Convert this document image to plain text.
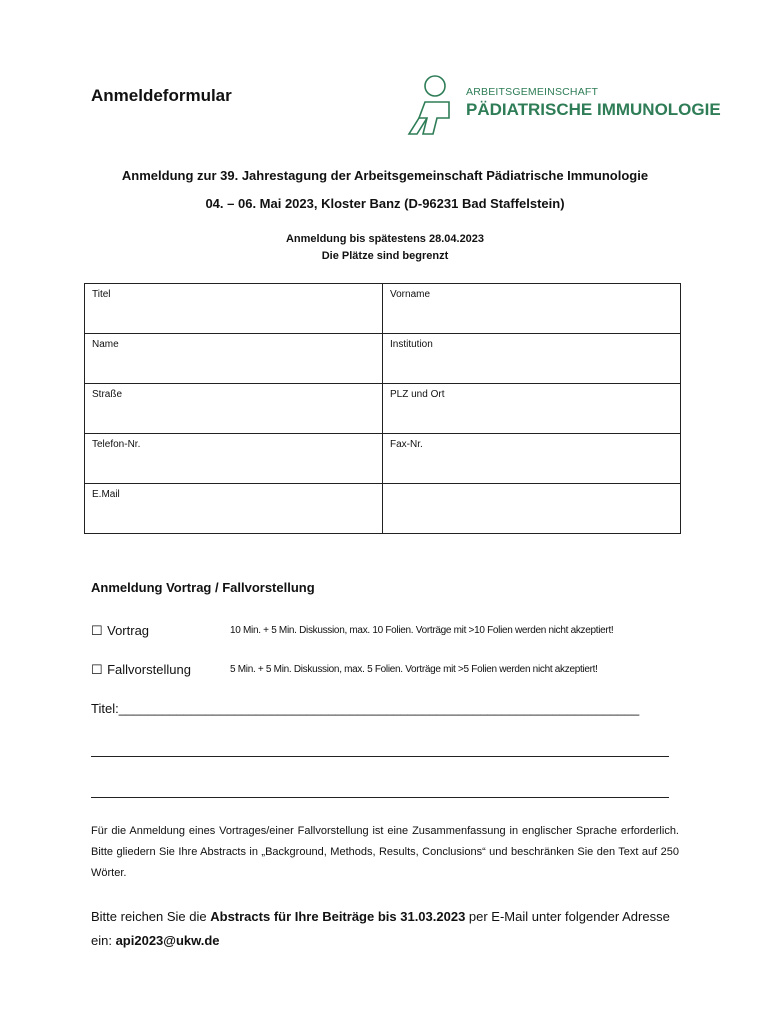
Anmeldeformular	ARBEITSGEMEINSCHAFT
PÄDIATRISCHE IMMUNOLOGIE
Anmeldung zur 39. Jahrestagung der Arbeitsgemeinschaft Pädiatrische Immunologie
04. – 06. Mai 2023, Kloster Banz (D-96231 Bad Staffelstein)
Anmeldung bis spätestens 28.04.2023
Die Plätze sind begrenzt
Titel	Vorname
Name	Institution
Straße	PLZ und Ort
Telefon-Nr.	Fax-Nr.
E.Mail	
Anmeldung Vortrag / Fallvorstellung
☐ Vortrag	10 Min. + 5 Min. Diskussion, max. 10 Folien. Vorträge mit >10 Folien werden nicht akzeptiert!
☐ Fallvorstellung	5 Min. + 5 Min. Diskussion, max. 5 Folien. Vorträge mit >5 Folien werden nicht akzeptiert!
Titel:________________________________________________________________________
Für die Anmeldung eines Vortrages/einer Fallvorstellung ist eine Zusammenfassung in englischer Sprache erforderlich. Bitte gliedern Sie Ihre Abstracts in „Background, Methods, Results, Conclusions“ und beschränken Sie den Text auf 250 Wörter.
Bitte reichen Sie die Abstracts für Ihre Beiträge bis 31.03.2023 per E-Mail unter folgender Adresse ein: api2023@ukw.de
